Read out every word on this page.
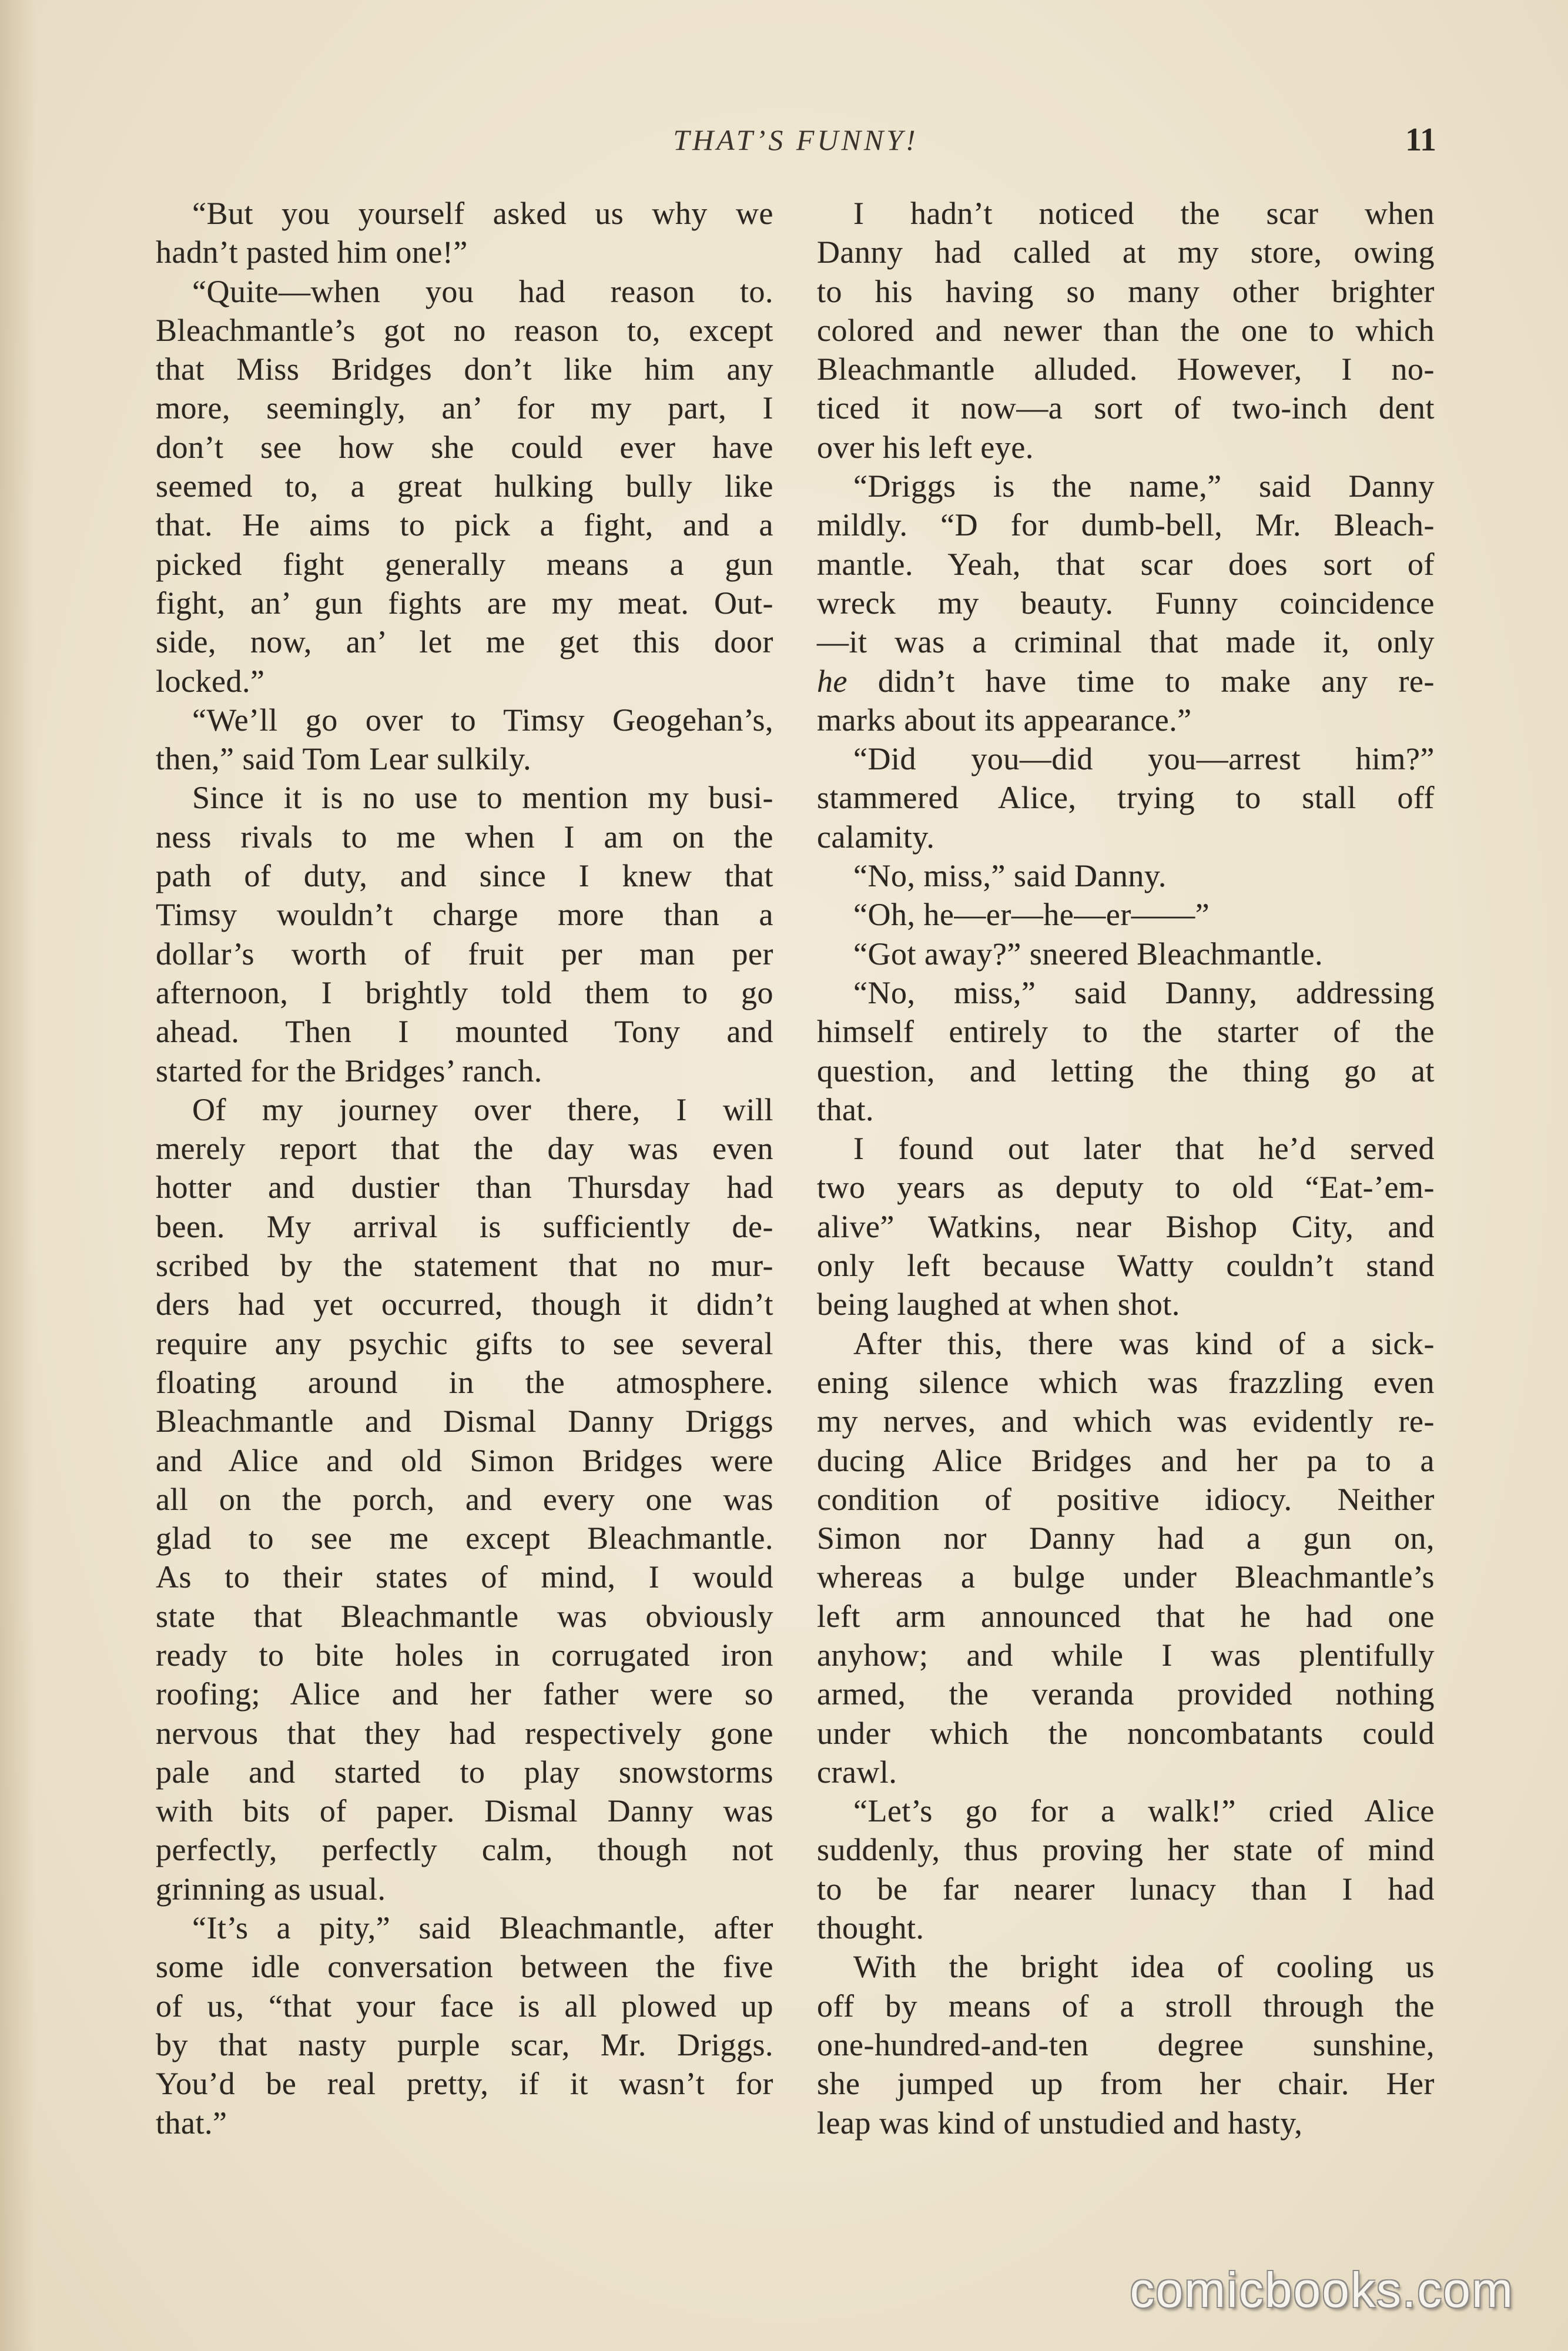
THAT’S FUNNY!	11
“But you yourself asked us why we
hadn’t pasted him one!”
“Quite—when you had reason to.
Bleachmantle’s got no reason to, except
that Miss Bridges don’t like him any
more, seemingly, an’ for my part, I
don’t see how she could ever have
seemed to, a great hulking bully like
that. He aims to pick a fight, and a
picked fight generally means a gun
fight, an’ gun fights are my meat. Out-
side, now, an’ let me get this door
locked.”
“We’ll go over to Timsy Geogehan’s,
then,” said Tom Lear sulkily.
Since it is no use to mention my busi-
ness rivals to me when I am on the
path of duty, and since I knew that
Timsy wouldn’t charge more than a
dollar’s worth of fruit per man per
afternoon, I brightly told them to go
ahead. Then I mounted Tony and
started for the Bridges’ ranch.
Of my journey over there, I will
merely report that the day was even
hotter and dustier than Thursday had
been. My arrival is sufficiently de-
scribed by the statement that no mur-
ders had yet occurred, though it didn’t
require any psychic gifts to see several
floating around in the atmosphere.
Bleachmantle and Dismal Danny Driggs
and Alice and old Simon Bridges were
all on the porch, and every one was
glad to see me except Bleachmantle.
As to their states of mind, I would
state that Bleachmantle was obviously
ready to bite holes in corrugated iron
roofing; Alice and her father were so
nervous that they had respectively gone
pale and started to play snowstorms
with bits of paper. Dismal Danny was
perfectly, perfectly calm, though not
grinning as usual.
“It’s a pity,” said Bleachmantle, after
some idle conversation between the five
of us, “that your face is all plowed up
by that nasty purple scar, Mr. Driggs.
You’d be real pretty, if it wasn’t for
that.”
I hadn’t noticed the scar when
Danny had called at my store, owing
to his having so many other brighter
colored and newer than the one to which
Bleachmantle alluded. However, I no-
ticed it now—a sort of two-inch dent
over his left eye.
“Driggs is the name,” said Danny
mildly. “D for dumb-bell, Mr. Bleach-
mantle. Yeah, that scar does sort of
wreck my beauty. Funny coincidence
—it was a criminal that made it, only
he didn’t have time to make any re-
marks about its appearance.”
“Did you—did you—arrest him?”
stammered Alice, trying to stall off
calamity.
“No, miss,” said Danny.
“Oh, he—er—he—er——”
“Got away?” sneered Bleachmantle.
“No, miss,” said Danny, addressing
himself entirely to the starter of the
question, and letting the thing go at
that.
I found out later that he’d served
two years as deputy to old “Eat-’em-
alive” Watkins, near Bishop City, and
only left because Watty couldn’t stand
being laughed at when shot.
After this, there was kind of a sick-
ening silence which was frazzling even
my nerves, and which was evidently re-
ducing Alice Bridges and her pa to a
condition of positive idiocy. Neither
Simon nor Danny had a gun on,
whereas a bulge under Bleachmantle’s
left arm announced that he had one
anyhow; and while I was plentifully
armed, the veranda provided nothing
under which the noncombatants could
crawl.
“Let’s go for a walk!” cried Alice
suddenly, thus proving her state of mind
to be far nearer lunacy than I had
thought.
With the bright idea of cooling us
off by means of a stroll through the
one-hundred-and-ten degree sunshine,
she jumped up from her chair. Her
leap was kind of unstudied and hasty,
comicbooks.com
